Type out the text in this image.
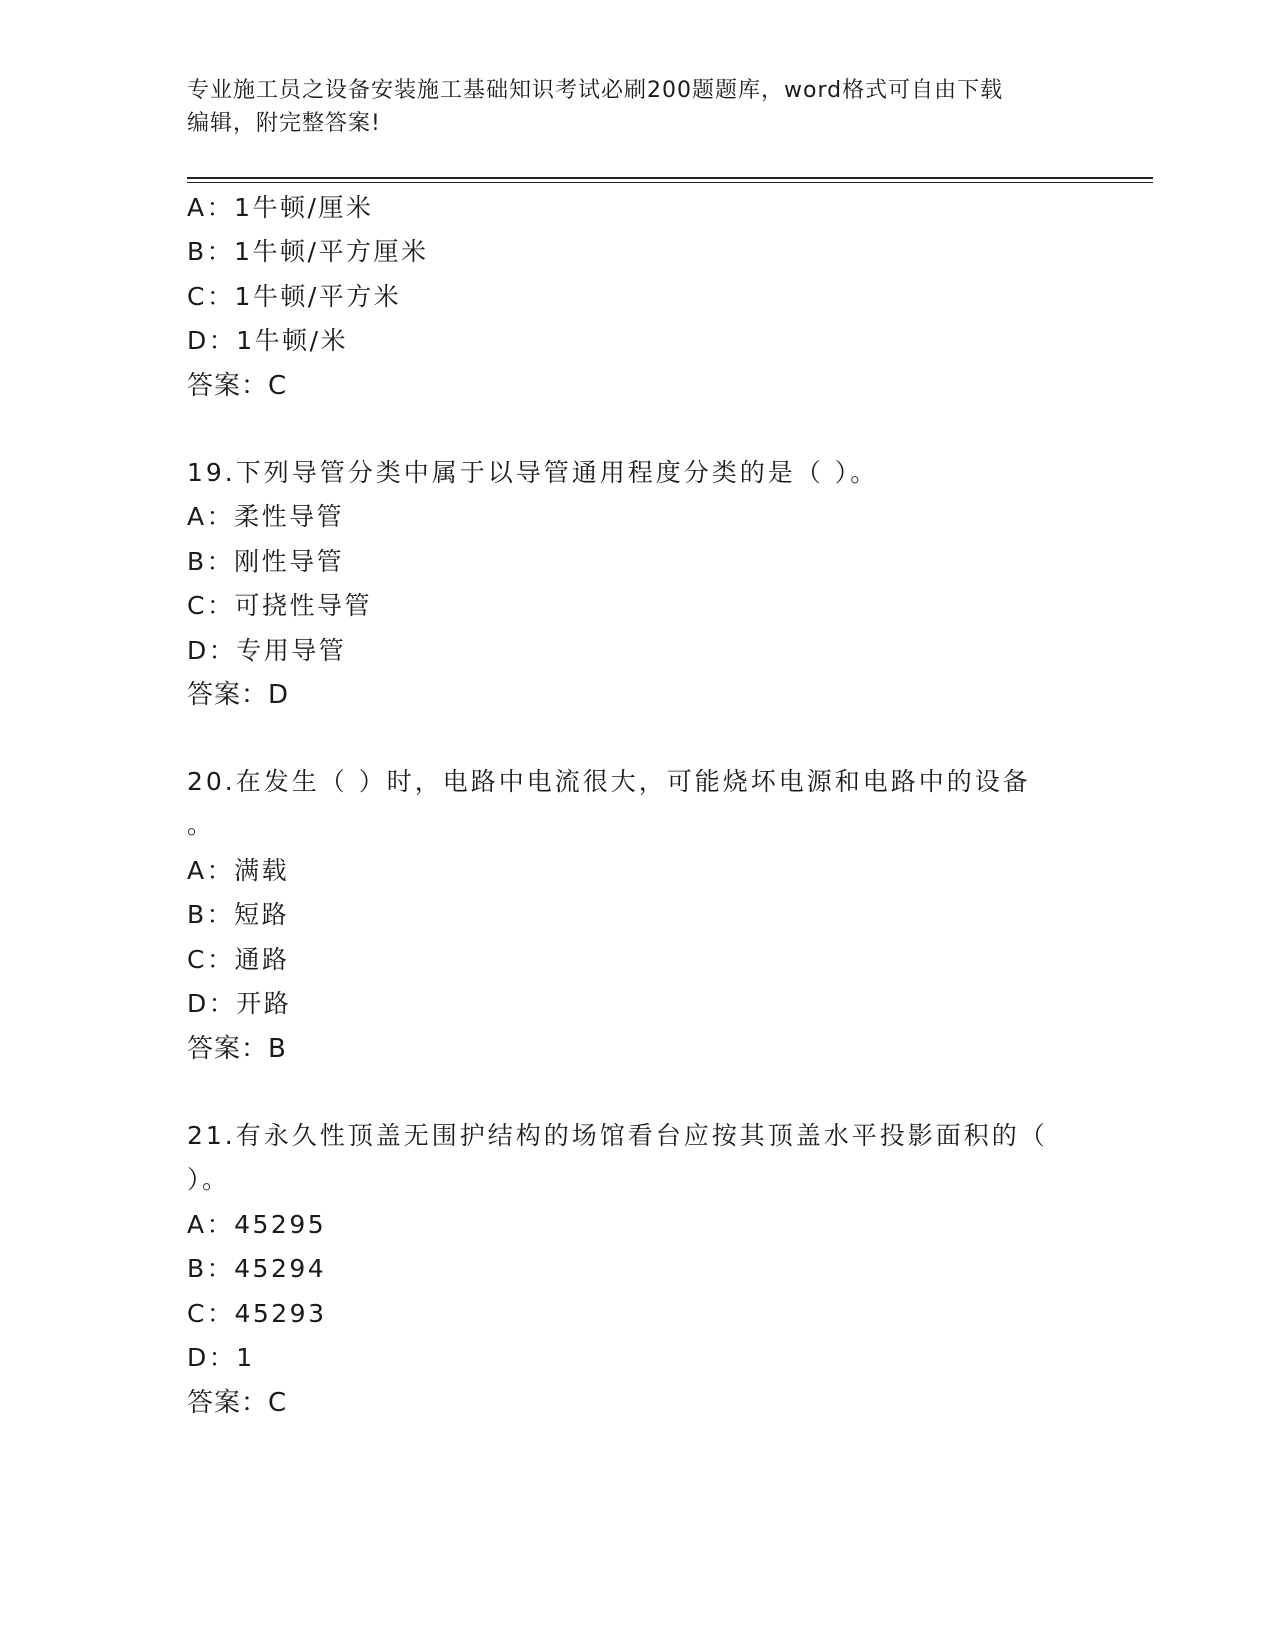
专业施工员之设备安装施工基础知识考试必刷200题题库，word格式可自由下载
编辑，附完整答案!
A：1牛顿/厘米
B：1牛顿/平方厘米
C：1牛顿/平方米
D：1牛顿/米
答案：C
19.下列导管分类中属于以导管通用程度分类的是（ ）。
A：柔性导管
B：刚性导管
C：可挠性导管
D：专用导管
答案：D
20.在发生（ ）时，电路中电流很大，可能烧坏电源和电路中的设备
。
A：满载
B：短路
C：通路
D：开路
答案：B
21.有永久性顶盖无围护结构的场馆看台应按其顶盖水平投影面积的（
）。
A：45295
B：45294
C：45293
D：1
答案：C
